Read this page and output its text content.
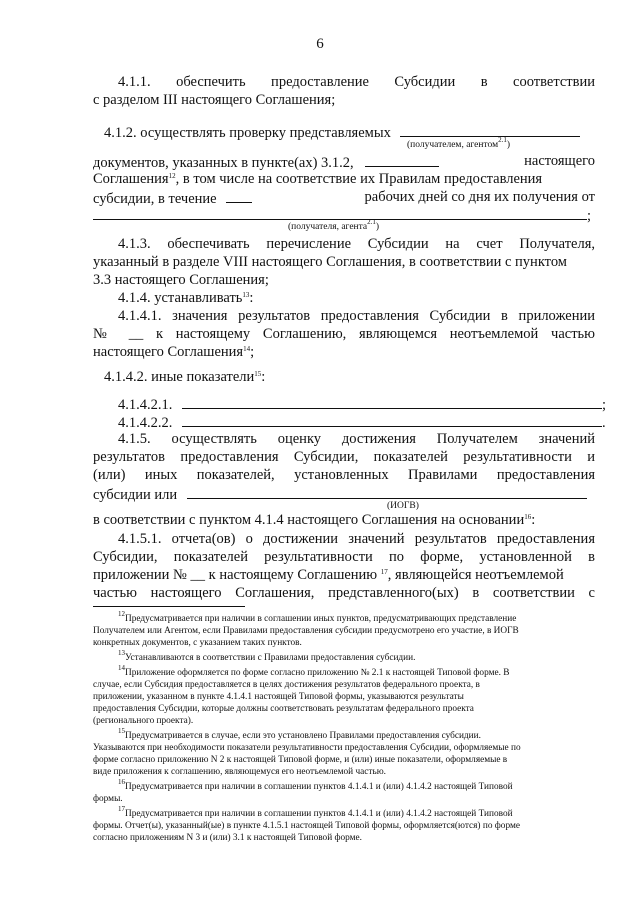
6
4.1.1. обеспечить предоставление Субсидии в соответствии
с разделом III настоящего Соглашения;
4.1.2. осуществлять проверку представляемых
(получателем, агентом$^{2.1}$)
документов, указанных в пункте(ах) 3.1.2,	настоящего
Соглашения$^{12}$, в том числе на соответствие их Правилам предоставления
субсидии, в течение	рабочих дней со дня их получения от
;
(получателя, агента$^{2.1}$)
4.1.3. обеспечивать перечисление Субсидии на счет Получателя,
указанный в разделе VIII настоящего Соглашения, в соответствии с пунктом
3.3 настоящего Соглашения;
4.1.4. устанавливать$^{13}$:
4.1.4.1. значения результатов предоставления Субсидии в приложении
№ __ к настоящему Соглашению, являющемся неотъемлемой частью
настоящего Соглашения$^{14}$;
4.1.4.2. иные показатели$^{15}$:
4.1.4.2.1.	;
4.1.4.2.2.	.
4.1.5. осуществлять оценку достижения Получателем значений
результатов предоставления Субсидии, показателей результативности и
(или) иных показателей, установленных Правилами предоставления
субсидии или
(ИОГВ)
в соответствии с пунктом 4.1.4 настоящего Соглашения на основании$^{16}$:
4.1.5.1. отчета(ов) о достижении значений результатов предоставления
Субсидии, показателей результативности по форме, установленной в
приложении № __ к настоящему Соглашению $^{17}$, являющейся неотъемлемой
частью настоящего Соглашения, представленного(ых) в соответствии с
$^{12}$Предусматривается при наличии в соглашении иных пунктов, предусматривающих представление
Получателем или Агентом, если Правилами предоставления субсидии предусмотрено его участие, в ИОГВ
конкретных документов, с указанием таких пунктов.
$^{13}$Устанавливаются в соответствии с Правилами предоставления субсидии.
$^{14}$Приложение оформляется по форме согласно приложению № 2.1 к настоящей Типовой форме. В
случае, если Субсидия предоставляется в целях достижения результатов федерального проекта, в
приложении, указанном в пункте 4.1.4.1 настоящей Типовой формы, указываются результаты
предоставления Субсидии, которые должны соответствовать результатам федерального проекта
(регионального проекта).
$^{15}$Предусматривается в случае, если это установлено Правилами предоставления субсидии.
Указываются при необходимости показатели результативности предоставления Субсидии, оформляемые по
форме согласно приложению N 2 к настоящей Типовой форме, и (или) иные показатели, оформляемые в
виде приложения к соглашению, являющемуся его неотъемлемой частью.
$^{16}$Предусматривается при наличии в соглашении пунктов 4.1.4.1 и (или) 4.1.4.2 настоящей Типовой
формы.
$^{17}$Предусматривается при наличии в соглашении пунктов 4.1.4.1 и (или) 4.1.4.2 настоящей Типовой
формы. Отчет(ы), указанный(ые) в пункте 4.1.5.1 настоящей Типовой формы, оформляется(ются) по форме
согласно приложениям N 3 и (или) 3.1 к настоящей Типовой форме.
